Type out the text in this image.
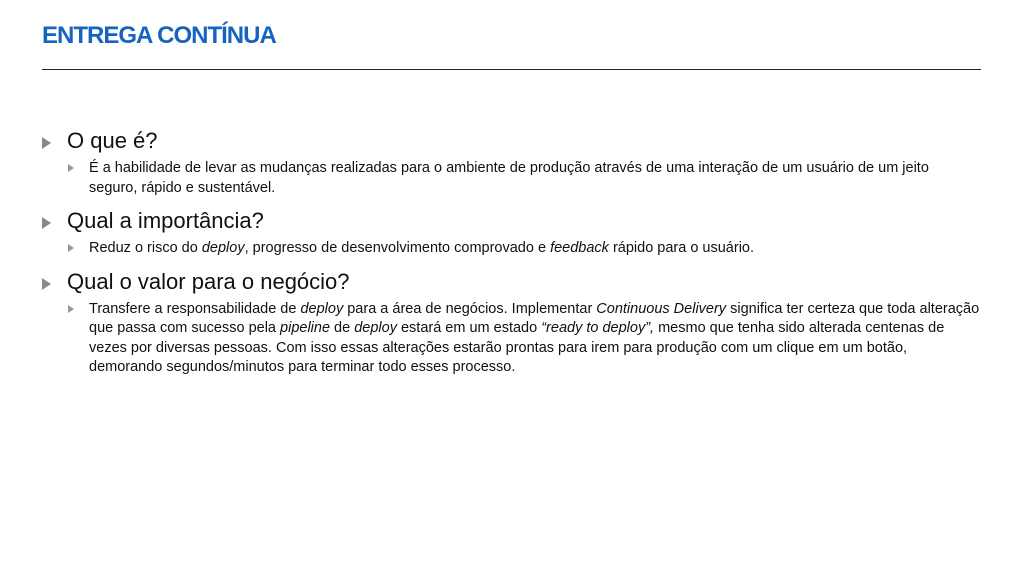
ENTREGA CONTÍNUA
O que é?
É a habilidade de levar as mudanças realizadas para o ambiente de produção através de uma interação de um usuário de um jeito seguro, rápido e sustentável.
Qual a importância?
Reduz o risco do deploy, progresso de desenvolvimento comprovado e feedback rápido para o usuário.
Qual o valor para o negócio?
Transfere a responsabilidade de deploy para a área de negócios. Implementar Continuous Delivery significa ter certeza que toda alteração que passa com sucesso pela pipeline de deploy estará em um estado “ready to deploy”, mesmo que tenha sido alterada centenas de vezes por diversas pessoas. Com isso essas alterações estarão prontas para irem para produção com um clique em um botão, demorando segundos/minutos para terminar todo esses processo.
